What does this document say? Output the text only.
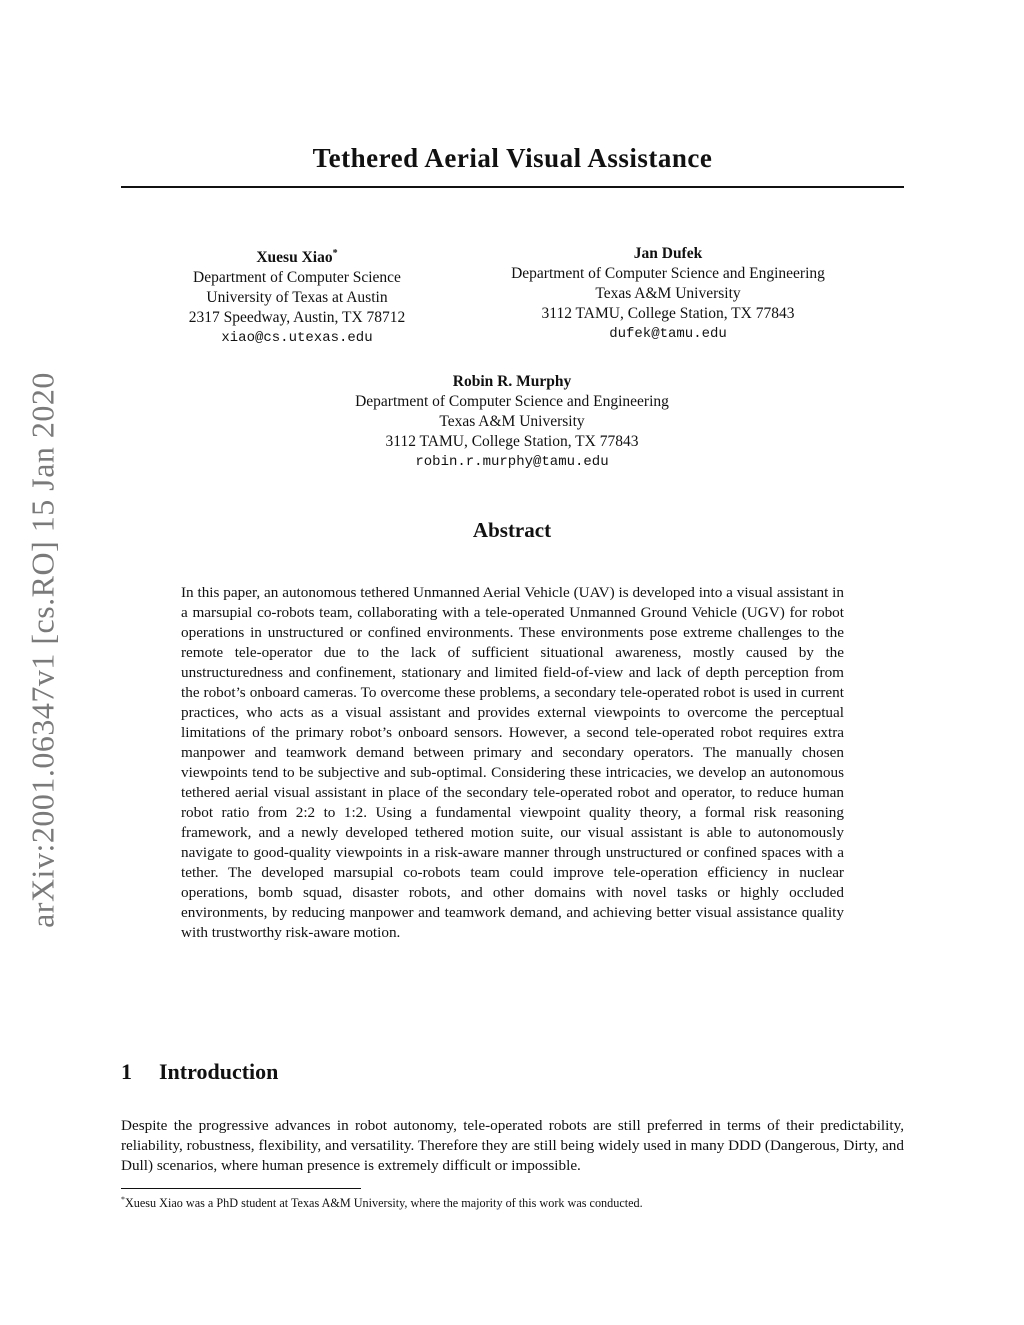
arXiv:2001.06347v1 [cs.RO] 15 Jan 2020
Tethered Aerial Visual Assistance
Xuesu Xiao*
Department of Computer Science
University of Texas at Austin
2317 Speedway, Austin, TX 78712
xiao@cs.utexas.edu
Jan Dufek
Department of Computer Science and Engineering
Texas A&M University
3112 TAMU, College Station, TX 77843
dufek@tamu.edu
Robin R. Murphy
Department of Computer Science and Engineering
Texas A&M University
3112 TAMU, College Station, TX 77843
robin.r.murphy@tamu.edu
Abstract

In this paper, an autonomous tethered Unmanned Aerial Vehicle (UAV) is developed into a visual assistant in a marsupial co-robots team, collaborating with a tele-operated Unmanned Ground Vehicle (UGV) for robot operations in unstructured or confined environments. These environments pose extreme challenges to the remote tele-operator due to the lack of sufficient situational awareness, mostly caused by the unstructuredness and confinement, stationary and limited field-of-view and lack of depth perception from the robot’s onboard cameras. To overcome these problems, a secondary tele-operated robot is used in current practices, who acts as a visual assistant and provides external viewpoints to overcome the perceptual limitations of the primary robot’s onboard sensors. However, a second tele-operated robot requires extra manpower and teamwork demand between primary and secondary operators. The manually chosen viewpoints tend to be subjective and sub-optimal. Considering these intricacies, we develop an autonomous tethered aerial visual assistant in place of the secondary tele-operated robot and operator, to reduce human robot ratio from 2:2 to 1:2. Using a fundamental viewpoint quality theory, a formal risk reasoning framework, and a newly developed tethered motion suite, our visual assistant is able to autonomously navigate to good-quality viewpoints in a risk-aware manner through unstructured or confined spaces with a tether. The developed marsupial co-robots team could improve tele-operation efficiency in nuclear operations, bomb squad, disaster robots, and other domains with novel tasks or highly occluded environments, by reducing manpower and teamwork demand, and achieving better visual assistance quality with trustworthy risk-aware motion.

1 Introduction

Despite the progressive advances in robot autonomy, tele-operated robots are still preferred in terms of their predictability, reliability, robustness, flexibility, and versatility. Therefore they are still being widely used in many DDD (Dangerous, Dirty, and Dull) scenarios, where human presence is extremely difficult or impossible.

*Xuesu Xiao was a PhD student at Texas A&M University, where the majority of this work was conducted.
